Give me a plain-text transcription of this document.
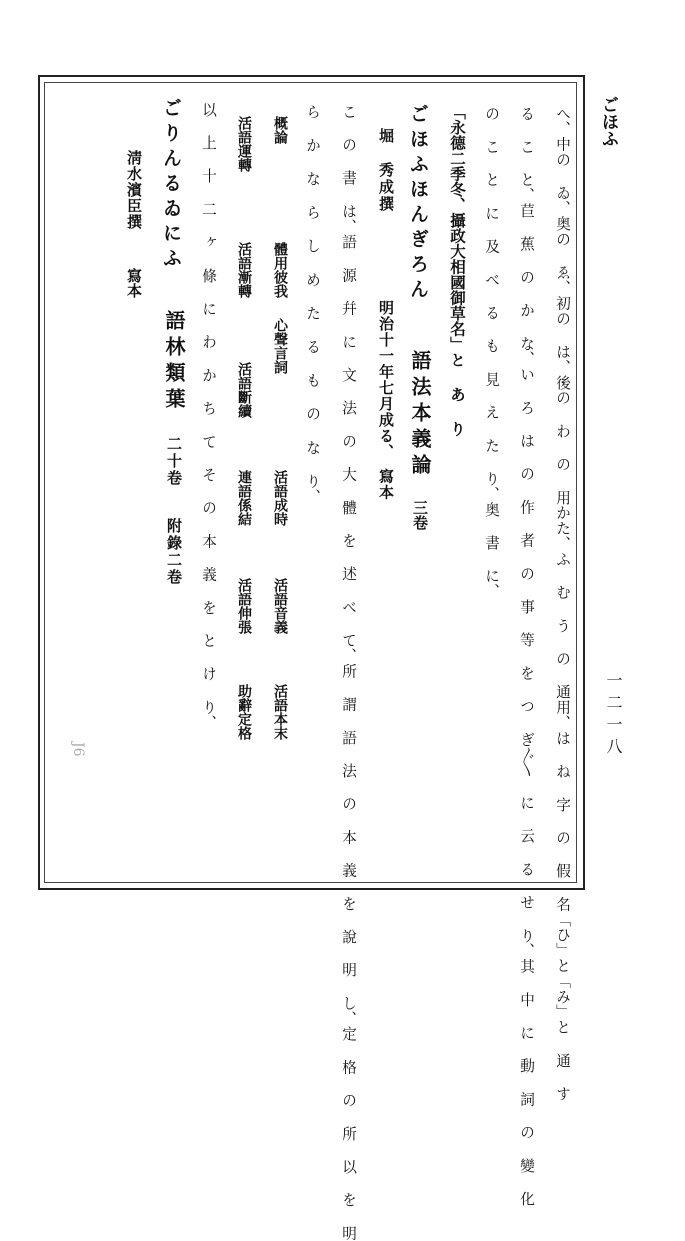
ごほふ
一二一八
へ、中の ゐ、奥の ゑ、初の は、後の わ の 用かた、ふ む う の 通用、は ね 字 の 假 名「ひ」と「み」と 通 す
る こ と、苣 蕉 の か な、い ろ は の 作 者 の 事 等 を つ ぎ〴〵 に 云 る せ り、其 中 に 動 詞 の 變 化
の こ と に 及 べ る も 見 え た り、奥 書 に、
「永德二季冬、攝政大相國御草名」と あ り
ごほふほんぎろん
語法本義論
三卷
堀　秀成撰
明治十一年七月成る、　寫本
こ の 書 は、語 源 幷 に 文 法 の 大 體 を 述 べ て、所 謂 語 法 の 本 義 を 說 明 し、定 格 の 所 以 を 明
ら か な ら し め た る も の な り、
概論
體用彼我
心聲言詞
活語成時
活語音義
活語本末
活語運轉
活語漸轉
活語斷續
連語係結
活語伸張
助辭定格
以 上 十 二 ヶ 條 に わ か ち て そ の 本 義 を と け り、
ごりんるゐにふ
語林類葉
二十卷
附錄二卷
淸水濱臣撰
寫本
J6
